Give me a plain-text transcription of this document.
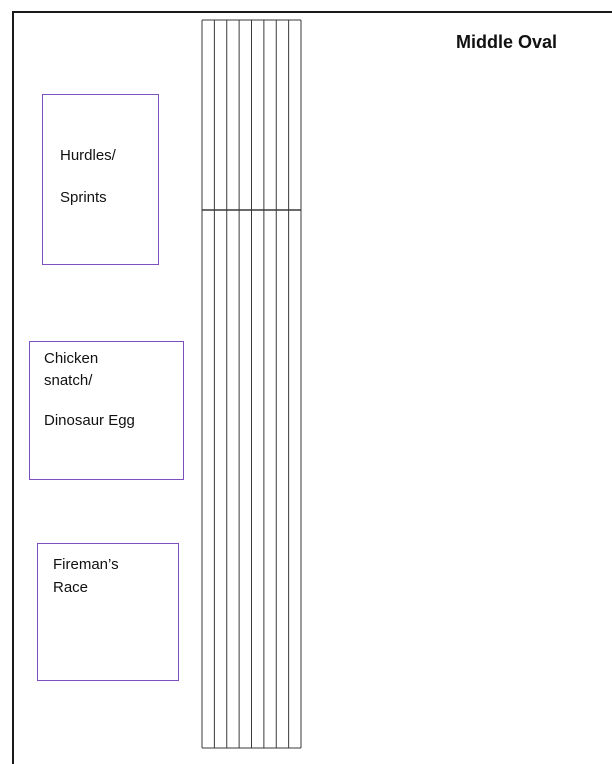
Middle Oval
Hurdles/
Sprints
Chicken
snatch/
Dinosaur Egg
Fireman’s
Race
